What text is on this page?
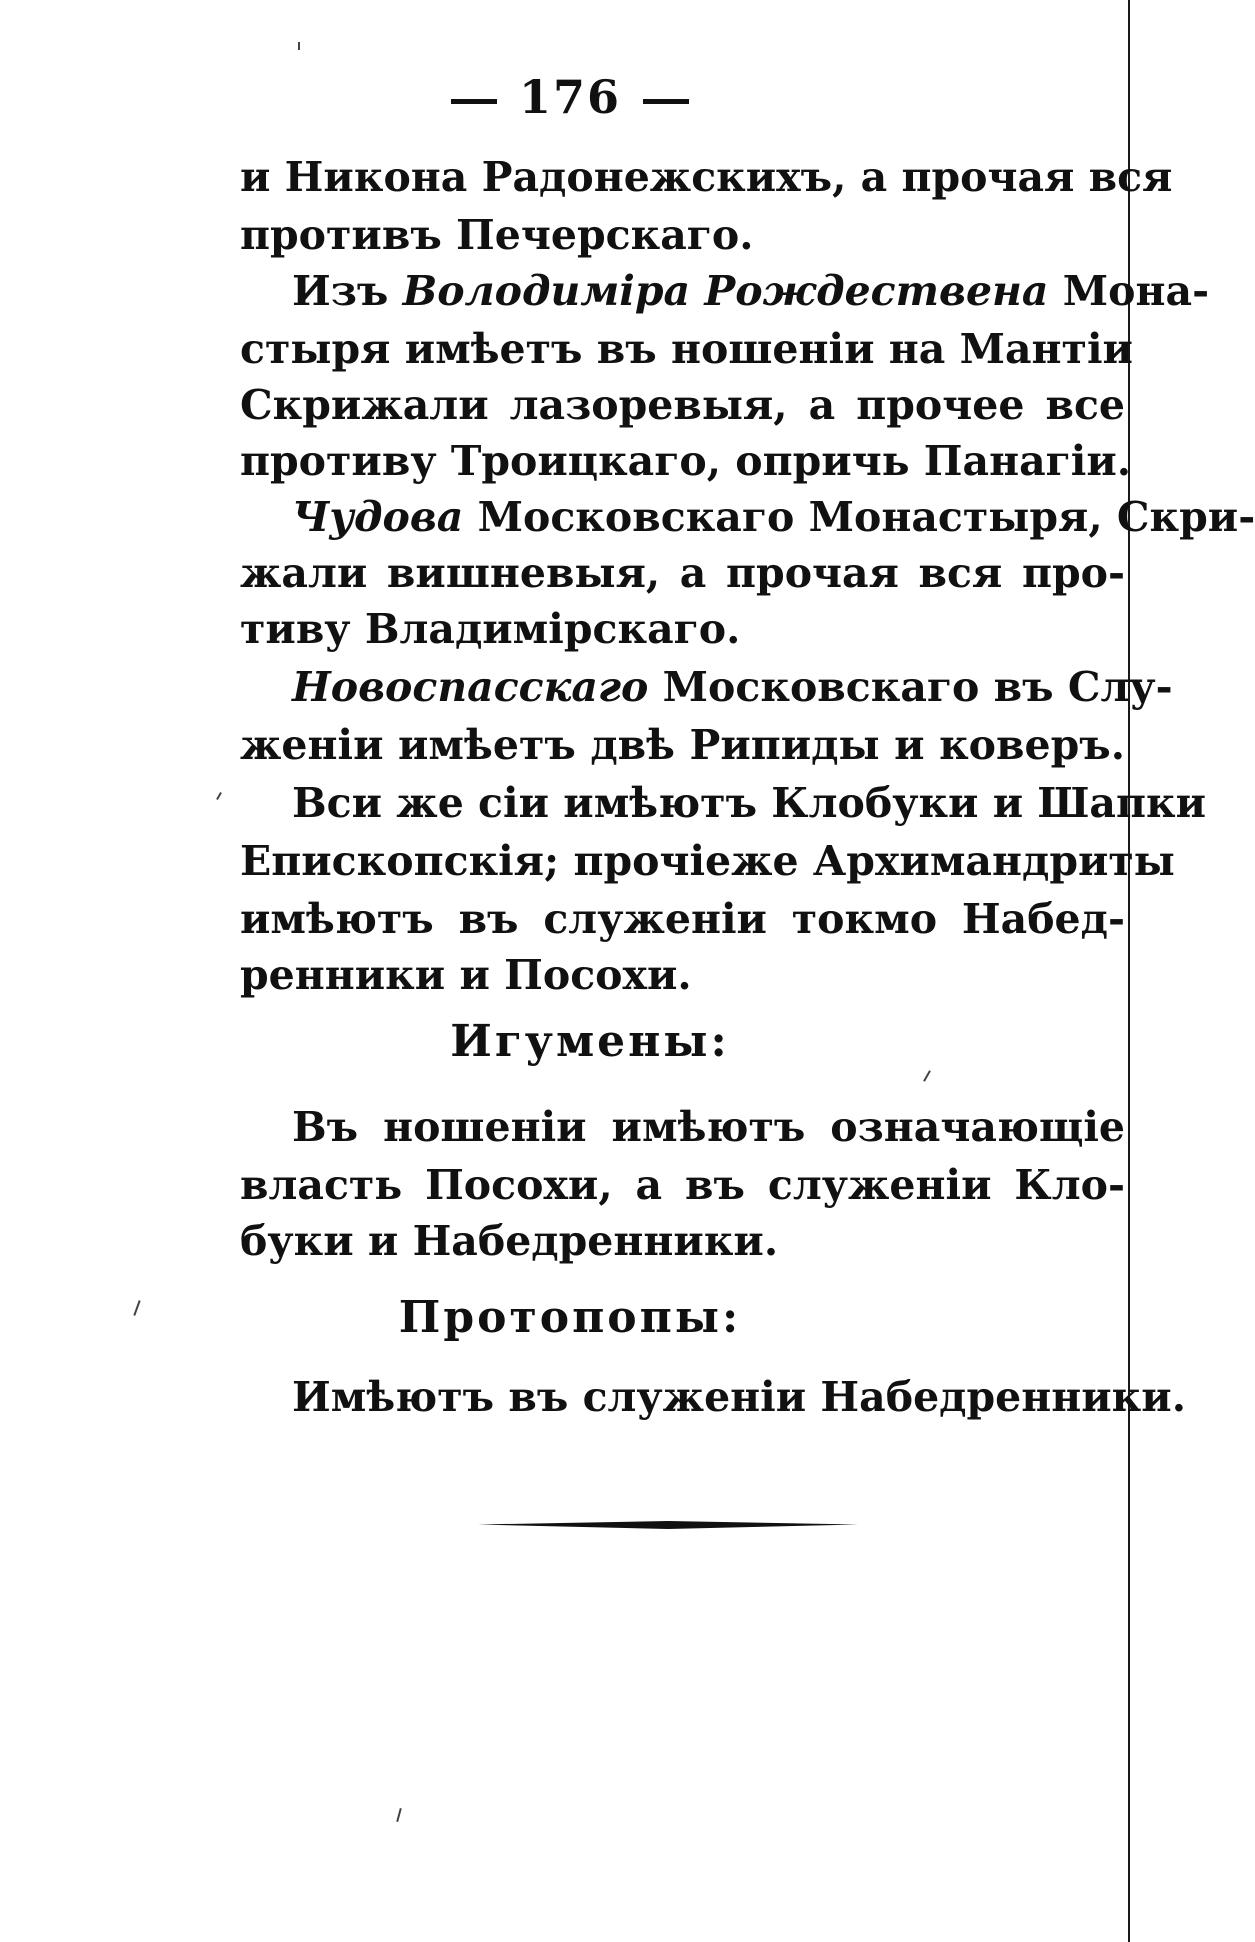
176
и Никона Радонежскихъ, а прочая вся
противъ Печерскаго.
Изъ Володимiра Рождествена Мона-
стыря имѣетъ въ ношенiи на Мантiи
Скрижали лазоревыя, а прочее все
противу Троицкаго, опричь Панагiи.
Чудова Московскаго Монастыря, Скри-
жали вишневыя, а прочая вся про-
тиву Владимiрскаго.
Новоспасскаго Московскаго въ Слу-
женiи имѣетъ двѣ Рипиды и коверъ.
Вси же сiи имѣютъ Клобуки и Шапки
Епископскiя; прочiеже Архимандриты
имѣютъ въ служенiи токмо Набед-
ренники и Посохи.
Игумены:
Въ ношенiи имѣютъ означающiе
власть Посохи, а въ служенiи Кло-
буки и Набедренники.
Протопопы:
Имѣютъ въ служенiи Набедренники.
